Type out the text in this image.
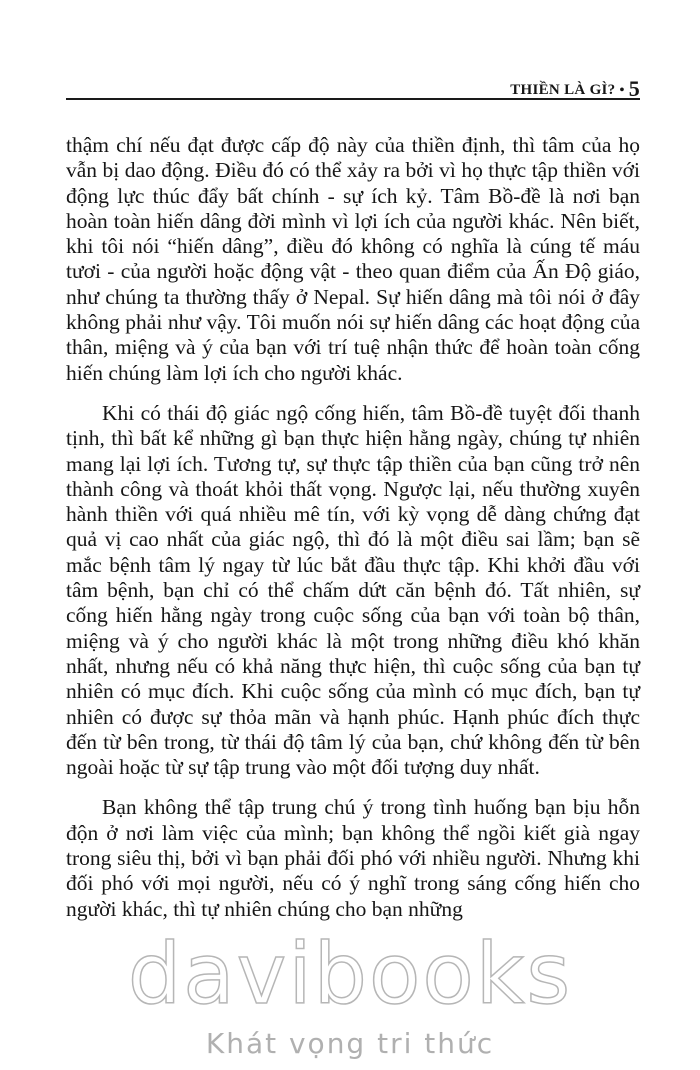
THIỀN LÀ GÌ? • 5

thậm chí nếu đạt được cấp độ này của thiền định, thì tâm của họ vẫn bị dao động. Điều đó có thể xảy ra bởi vì họ thực tập thiền với động lực thúc đẩy bất chính - sự ích kỷ. Tâm Bồ-đề là nơi bạn hoàn toàn hiến dâng đời mình vì lợi ích của người khác. Nên biết, khi tôi nói “hiến dâng”, điều đó không có nghĩa là cúng tế máu tươi - của người hoặc động vật - theo quan điểm của Ấn Độ giáo, như chúng ta thường thấy ở Nepal. Sự hiến dâng mà tôi nói ở đây không phải như vậy. Tôi muốn nói sự hiến dâng các hoạt động của thân, miệng và ý của bạn với trí tuệ nhận thức để hoàn toàn cống hiến chúng làm lợi ích cho người khác.

Khi có thái độ giác ngộ cống hiến, tâm Bồ-đề tuyệt đối thanh tịnh, thì bất kể những gì bạn thực hiện hằng ngày, chúng tự nhiên mang lại lợi ích. Tương tự, sự thực tập thiền của bạn cũng trở nên thành công và thoát khỏi thất vọng. Ngược lại, nếu thường xuyên hành thiền với quá nhiều mê tín, với kỳ vọng dễ dàng chứng đạt quả vị cao nhất của giác ngộ, thì đó là một điều sai lầm; bạn sẽ mắc bệnh tâm lý ngay từ lúc bắt đầu thực tập. Khi khởi đầu với tâm bệnh, bạn chỉ có thể chấm dứt căn bệnh đó. Tất nhiên, sự cống hiến hằng ngày trong cuộc sống của bạn với toàn bộ thân, miệng và ý cho người khác là một trong những điều khó khăn nhất, nhưng nếu có khả năng thực hiện, thì cuộc sống của bạn tự nhiên có mục đích. Khi cuộc sống của mình có mục đích, bạn tự nhiên có được sự thỏa mãn và hạnh phúc. Hạnh phúc đích thực đến từ bên trong, từ thái độ tâm lý của bạn, chứ không đến từ bên ngoài hoặc từ sự tập trung vào một đối tượng duy nhất.

Bạn không thể tập trung chú ý trong tình huống bạn bịu hỗn độn ở nơi làm việc của mình; bạn không thể ngồi kiết già ngay trong siêu thị, bởi vì bạn phải đối phó với nhiều người. Nhưng khi đối phó với mọi người, nếu có ý nghĩ trong sáng cống hiến cho người khác, thì tự nhiên chúng cho bạn những

davibooks
Khát vọng tri thức
